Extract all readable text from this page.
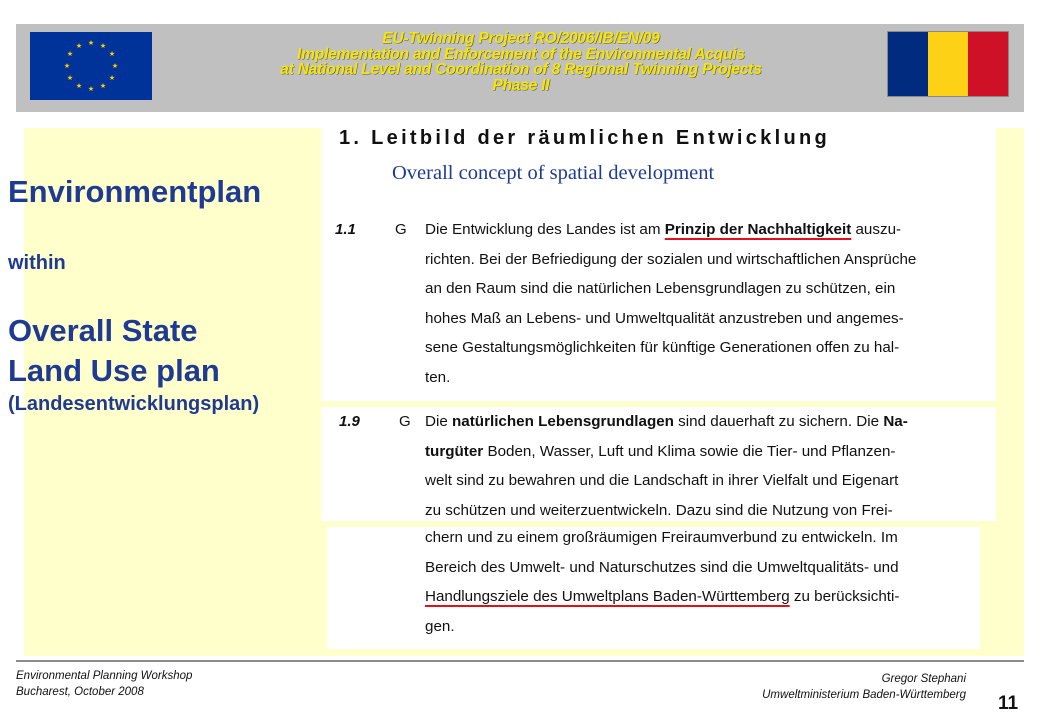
★ ★
★
★
★
★
★
★
★
★
★
★	EU-Twinning Project RO/2006/IB/EN/09
Implementation and Enforcement of the Environmental Acquis
at National Level and Coordination of 8 Regional Twinning Projects
Phase II
Environmentplan
within
Overall State
Land Use plan
(Landesentwicklungsplan)
1. Leitbild der räumlichen Entwicklung
Overall concept of spatial development
1.1	G Die Entwicklung des Landes ist am Prinzip der Nachhaltigkeit auszu-
richten. Bei der Befriedigung der sozialen und wirtschaftlichen Ansprüche
an den Raum sind die natürlichen Lebensgrundlagen zu schützen, ein
hohes Maß an Lebens- und Umweltqualität anzustreben und angemes-
sene Gestaltungsmöglichkeiten für künftige Generationen offen zu hal-
ten.
1.9	G Die natürlichen Lebensgrundlagen sind dauerhaft zu sichern. Die Na-
turgüter Boden, Wasser, Luft und Klima sowie die Tier- und Pflanzen-
welt sind zu bewahren und die Landschaft in ihrer Vielfalt und Eigenart
zu schützen und weiterzuentwickeln. Dazu sind die Nutzung von Frei-
chern und zu einem großräumigen Freiraumverbund zu entwickeln. Im
Bereich des Umwelt- und Naturschutzes sind die Umweltqualitäts- und
Handlungsziele des Umweltplans Baden-Württemberg zu berücksichti-
gen.
Environmental Planning Workshop
Bucharest, October 2008
Gregor Stephani
Umweltministerium Baden-Württemberg 11
